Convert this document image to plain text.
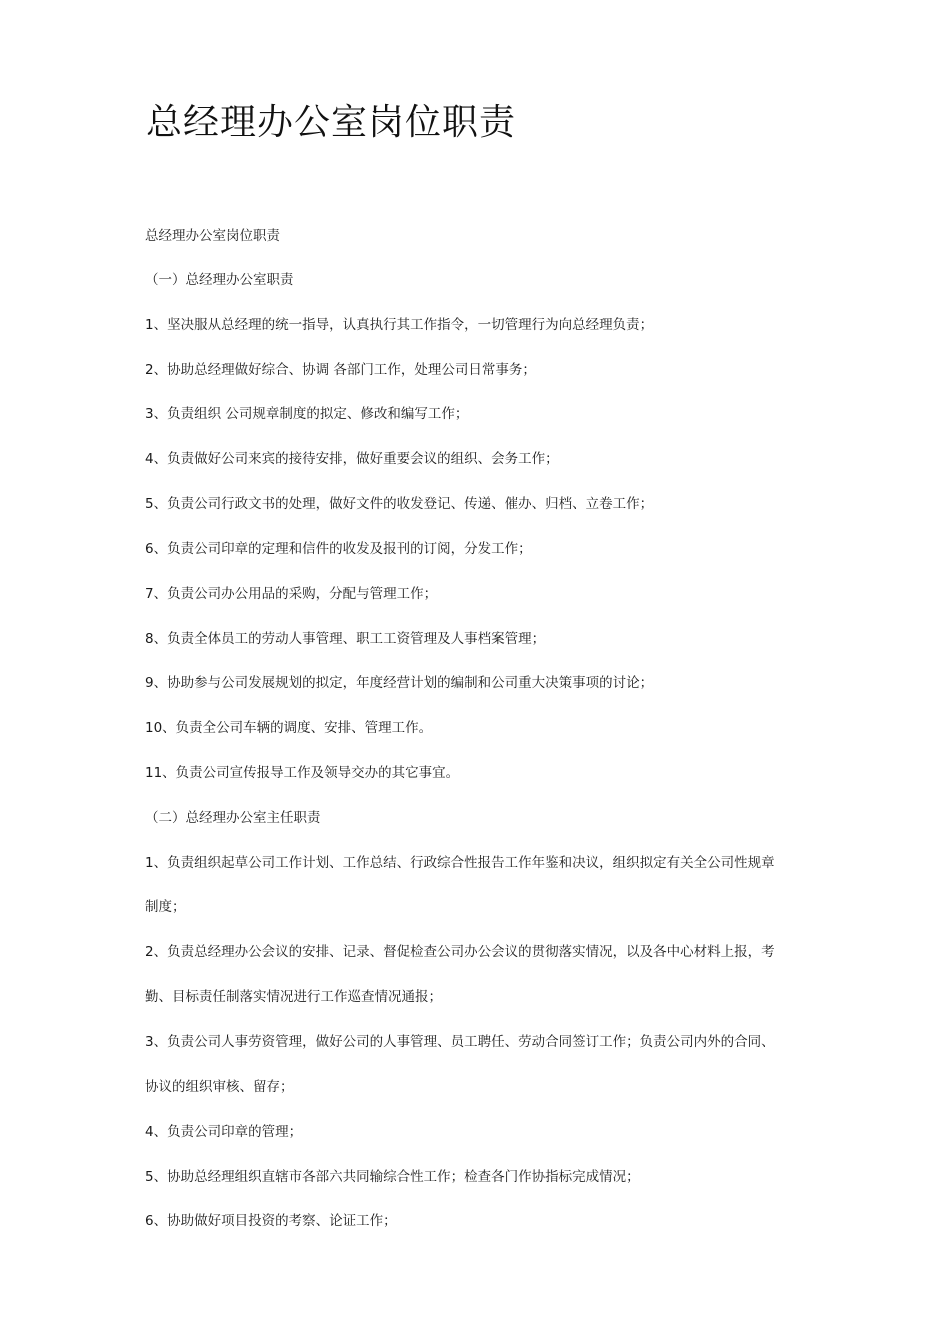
总经理办公室岗位职责

总经理办公室岗位职责

（一）总经理办公室职责

1、坚决服从总经理的统一指导，认真执行其工作指令，一切管理行为向总经理负责；

2、协助总经理做好综合、协调 各部门工作，处理公司日常事务；

3、负责组织 公司规章制度的拟定、修改和编写工作；

4、负责做好公司来宾的接待安排，做好重要会议的组织、会务工作；

5、负责公司行政文书的处理，做好文件的收发登记、传递、催办、归档、立卷工作；

6、负责公司印章的定理和信件的收发及报刊的订阅，分发工作；

7、负责公司办公用品的采购，分配与管理工作；

8、负责全体员工的劳动人事管理、职工工资管理及人事档案管理；

9、协助参与公司发展规划的拟定，年度经营计划的编制和公司重大决策事项的讨论；

10、负责全公司车辆的调度、安排、管理工作。

11、负责公司宣传报导工作及领导交办的其它事宜。

（二）总经理办公室主任职责

1、负责组织起草公司工作计划、工作总结、行政综合性报告工作年鉴和决议，组织拟定有关全公司性规章

制度；

2、负责总经理办公会议的安排、记录、督促检查公司办公会议的贯彻落实情况，以及各中心材料上报，考

勤、目标责任制落实情况进行工作巡查情况通报；

3、负责公司人事劳资管理，做好公司的人事管理、员工聘任、劳动合同签订工作；负责公司内外的合同、

协议的组织审核、留存；

4、负责公司印章的管理；

5、协助总经理组织直辖市各部六共同输综合性工作；检查各门作协指标完成情况；

6、协助做好项目投资的考察、论证工作；
